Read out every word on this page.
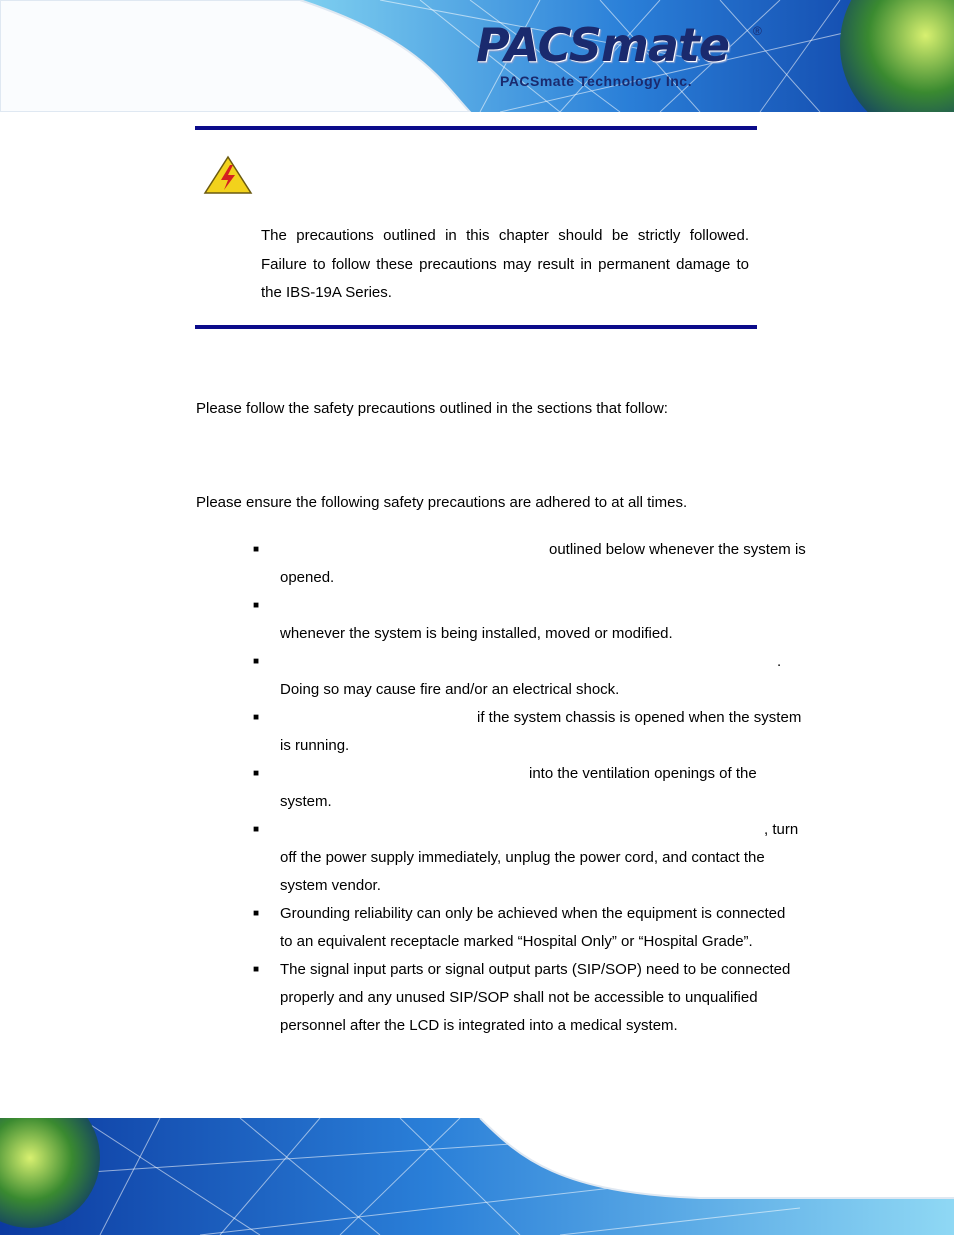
PACSmate ®
PACSmate Technology Inc.
The precautions outlined in this chapter should be strictly followed. Failure to follow these precautions may result in permanent damage to the IBS-19A Series.

Please follow the safety precautions outlined in the sections that follow:

Please ensure the following safety precautions are adhered to at all times.

■	outlined below whenever the system is
opened.
■

whenever the system is being installed, moved or modified.
■	.
Doing so may cause fire and/or an electrical shock.
■	if the system chassis is opened when the system
is running.
■	into the ventilation openings of the
system.
■	, turn
off the power supply immediately, unplug the power cord, and contact the
system vendor.
■ Grounding reliability can only be achieved when the equipment is connected
to an equivalent receptacle marked “Hospital Only” or “Hospital Grade”.
■ The signal input parts or signal output parts (SIP/SOP) need to be connected
properly and any unused SIP/SOP shall not be accessible to unqualified
personnel after the LCD is integrated into a medical system.
